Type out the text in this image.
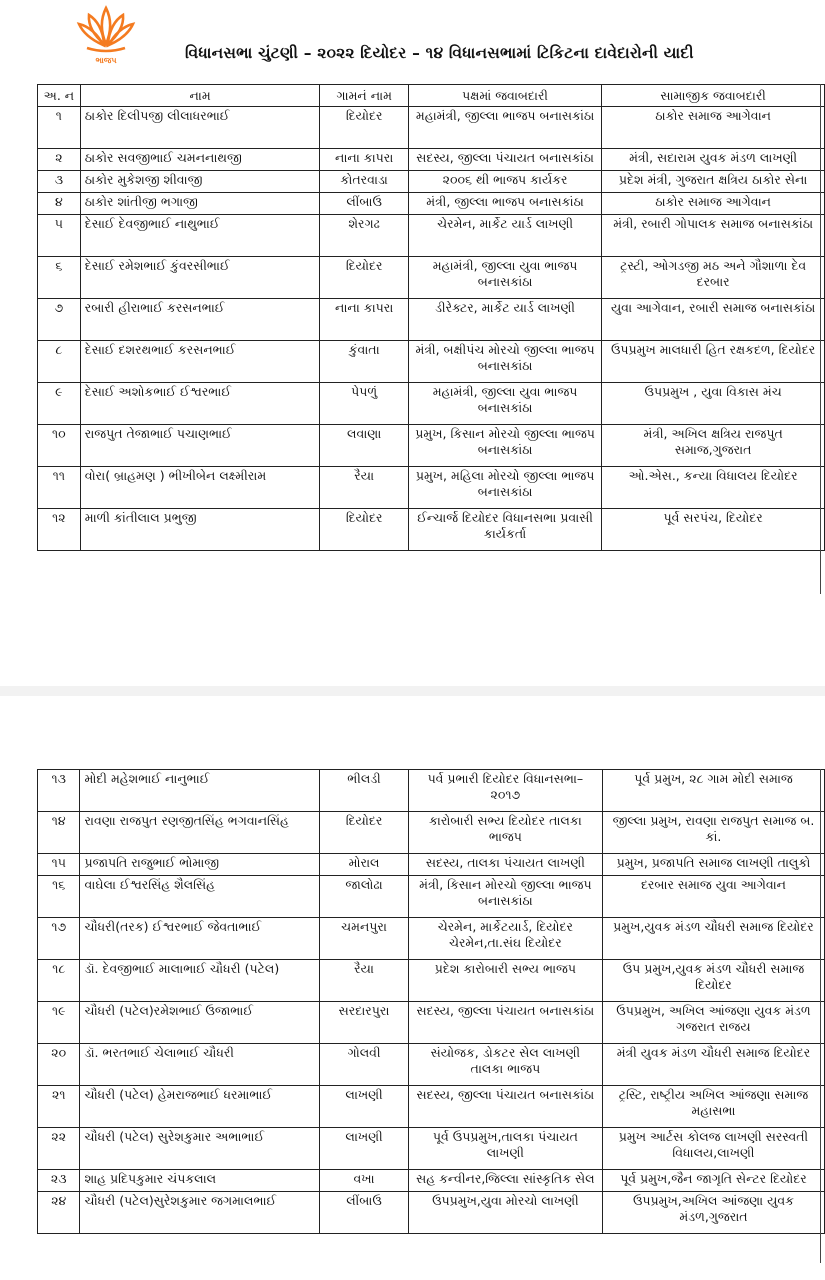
ભાજપ	વિધાનસભા ચુંટણી – ૨૦૨૨ દિયોદર – ૧૪ વિધાનસભામાં ટિકિટના દાવેદારોની યાદી
અ. ન	નામ	ગામનં નામ	પક્ષમાં જવાબદારી	સામાજીક જવાબદારી
૧	ઠાકોર દિલીપજી લીલાધરભાઈ	દિયોદર	મહામંત્રી, જીલ્લા ભાજપ બનાસકાંઠા	ઠાકોર સમાજ આગેવાન
૨	ઠાકોર સવજીભાઈ ચમનનાથજી	નાના કાપરા	સદસ્ય, જીલ્લા પંચાયત બનાસકાંઠા	મંત્રી, સદારામ યુવક મંડળ લાખણી
૩	ઠાકોર મુકેશજી શીવાજી	કોતરવાડા	૨૦૦૬ થી ભાજપ કાર્યકર	પ્રદેશ મંત્રી, ગુજરાત ક્ષત્રિય ઠાકોર સેના
૪	ઠાકોર શાંતીજી ભગાજી	લીંબાઉ	મંત્રી, જીલ્લા ભાજપ બનાસકાંઠા	ઠાકોર સમાજ આગેવાન
૫	દેસાઈ દેવજીભાઈ નાથુભાઈ	શેરગઢ	ચેરમેન, માર્કેટ યાર્ડ લાખણી	મંત્રી, રબારી ગોપાલક સમાજ બનાસકાંઠા
૬	દેસાઈ રમેશભાઈ કુંવરસીભાઈ	દિયોદર	મહામંત્રી, જીલ્લા યુવા ભાજપ બનાસકાંઠા	ટ્રસ્ટી, ઓગડજી મઠ અને ગૌશાળા દેવ દરબાર
૭	રબારી હીરાભાઈ કરસનભાઈ	નાના કાપરા	ડીરેક્ટર, માર્કેટ યાર્ડ લાખણી	યુવા આગેવાન, રબારી સમાજ બનાસકાંઠા
૮	દેસાઈ દશરથભાઈ કરસનભાઈ	કુંવાતા	મંત્રી, બક્ષીપંચ મોરચો જીલ્લા ભાજપ બનાસકાંઠા	ઉપપ્રમુખ માલધારી હિત રક્ષકદળ, દિયોદર
૯	દેસાઈ અશોકભાઈ ઈશ્વરભાઈ	પેપળું	મહામંત્રી, જીલ્લા યુવા ભાજપ બનાસકાંઠા	ઉપપ્રમુખ , યુવા વિકાસ મંચ
૧૦	રાજપુત તેજાભાઈ પચાણભાઈ	લવાણા	પ્રમુખ, કિસાન મોરચો જીલ્લા ભાજપ બનાસકાંઠા	મંત્રી, અખિલ ક્ષત્રિય રાજપુત સમાજ,ગુજરાત
૧૧	વોરા( બ્રાહમણ ) ભીખીબેન લક્ષ્મીરામ	રૈયા	પ્રમુખ, મહિલા મોરચો જીલ્લા ભાજપ બનાસકાંઠા	ઓ.એસ., કન્યા વિધાલય દિયોદર
૧૨	માળી કાંતીલાલ પ્રભુજી	દિયોદર	ઈન્ચાર્જ દિયોદર વિધાનસભા પ્રવાસી કાર્યકર્તા	પૂર્વ સરપંચ, દિયોદર
૧૩	મોદી મહેશભાઈ નાનુભાઈ	ભીલડી	પર્વ પ્રભારી દિયોદર વિધાનસભા–૨૦૧૭	પૂર્વ પ્રમુખ, ૨૮ ગામ મોદી સમાજ
૧૪	રાવણા રાજપુત રણજીતસિંહ ભગવાનસિંહ	દિયોદર	કારોબારી સભ્ય દિયોદર તાલકા ભાજપ	જીલ્લા પ્રમુખ, રાવણા રાજપુત સમાજ બ. કાં.
૧૫	પ્રજાપતિ રાજુભાઈ ભોમાજી	મોરાલ	સદસ્ય, તાલકા પંચાયત લાખણી	પ્રમુખ, પ્રજાપતિ સમાજ લાખણી તાલુકો
૧૬	વાઘેલા ઈશ્વરસિંહ શૈલસિંહ	જાલોઢા	મંત્રી, કિસાન મોરચો જીલ્લા ભાજપ બનાસકાંઠા	દરબાર સમાજ યુવા આગેવાન
૧૭	ચૌધરી(તરક) ઈશ્વરભાઈ જેવતાભાઈ	ચમનપુરા	ચેરમેન, માર્કેટયાર્ડ, દિયોદર ચેરમેન,તા.સંઘ દિયોદર	પ્રમુખ,યુવક મંડળ ચૌધરી સમાજ દિયોદર
૧૮	ડૉ. દેવજીભાઈ માલાભાઈ ચૌધરી (પટેલ)	રૈયા	પ્રદેશ કારોબારી સભ્ય ભાજપ	ઉપ પ્રમુખ,યુવક મંડળ ચૌધરી સમાજ દિયોદર
૧૯	ચૌધરી (પટેલ)રમેશભાઈ ઉજાભાઈ	સરદારપુરા	સદસ્ય, જીલ્લા પંચાયત બનાસકાંઠા	ઉપપ્રમુખ, અખિલ આંજણા યુવક મંડળ ગજરાત રાજય
૨૦	ડૉ. ભરતભાઈ ચેલાભાઈ ચૌધરી	ગોલવી	સંયોજક, ડોકટર સેલ લાખણી તાલકા ભાજપ	મંત્રી યુવક મંડળ ચૌધરી સમાજ દિયોદર
૨૧	ચૌધરી (પટેલ) હેમરાજભાઈ ધરમાભાઈ	લાખણી	સદસ્ય, જીલ્લા પંચાયત બનાસકાંઠા	ટ્રસ્ટિ, રાષ્ટ્રીય અખિલ આંજણા સમાજ મહાસભા
૨૨	ચૌધરી (પટેલ) સુરેશકુમાર અભાભાઈ	લાખણી	પૂર્વ ઉપપ્રમુખ,તાલકા પંચાયત લાખણી	પ્રમુખ આર્ટસ કોલજ લાખણી સરસ્વતી વિધાલય,લાખણી
૨૩	શાહ પ્રદિપકુમાર ચંપકલાલ	વખા	સહ કન્વીનર,જિલ્લા સાંસ્કૃતિક સેલ	પૂર્વ પ્રમુખ,જૈન જાગૃતિ સેન્ટર દિયોદર
૨૪	ચૌધરી (પટેલ)સુરેશકુમાર જગમાલભાઈ	લીંબાઉ	ઉપપ્રમુખ,યુવા મોરચો લાખણી	ઉપપ્રમુખ,અખિલ આંજણા યુવક મંડળ,ગુજરાત
